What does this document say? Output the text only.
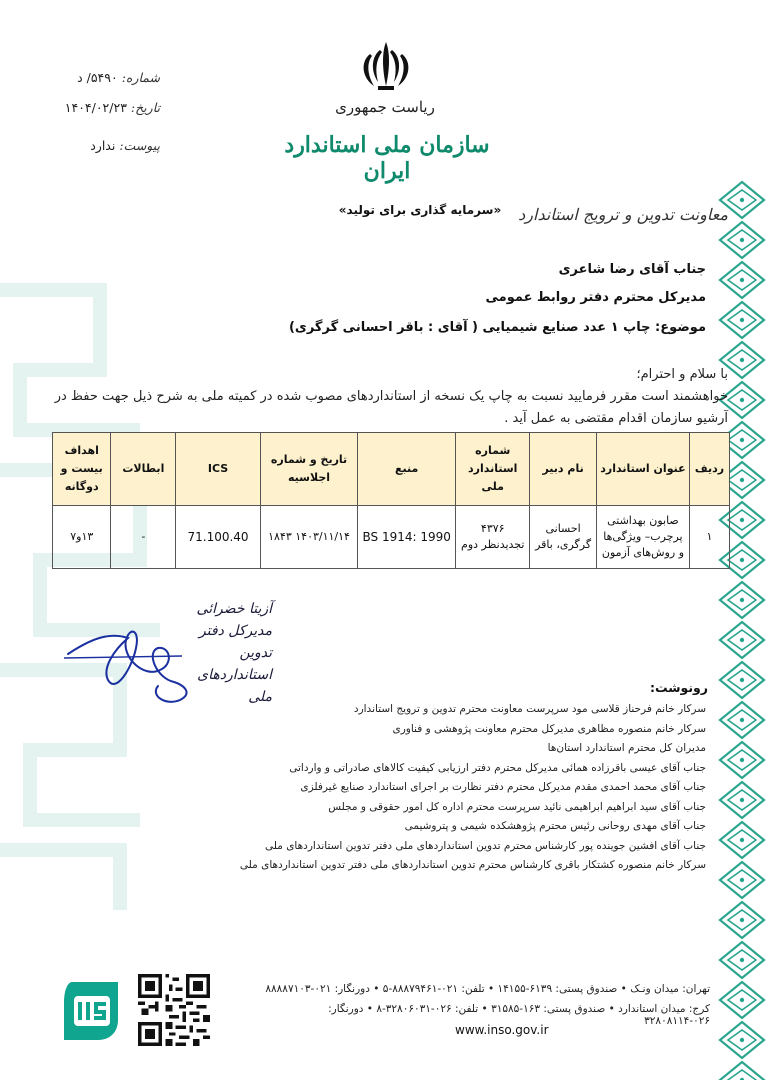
ریاست جمهوری
سازمان ملی استاندارد ایران
شماره: ۵۴۹۰/ د
تاریخ: ۱۴۰۴/۰۲/۲۳
پیوست: ندارد
معاونت تدوین و ترویج استاندارد
«سرمایه گذاری برای تولید»
جناب آقای رضا شاعری
مدیرکل محترم دفتر روابط عمومی
موضوع: چاپ ۱ عدد صنایع شیمیایی ( آقای : باقر احسانی گرگری)
با سلام و احترام؛
خواهشمند است مقرر فرمایید نسبت به چاپ یک نسخه از استانداردهای مصوب شده در کمیته ملی به شرح ذیل جهت حفظ در آرشیو سازمان اقدام مقتضی به عمل آید .
ردیف	عنوان استاندارد	نام دبیر	شماره استاندارد ملی	منبع	تاریخ و شماره اجلاسیه	ICS	ابطالات	اهداف بیست و دوگانه
۱	صابون بهداشتی پرچرب– ویژگی‌ها و روش‌های آزمون	احسانی گرگری، باقر	۴۳۷۶ تجدیدنظر دوم	BS 1914: 1990	۱۴۰۳/۱۱/۱۴ ۱۸۴۳	71.100.40	-	۱۳و۷
آزیتا خضرائی
مدیرکل دفتر تدوین استانداردهای ملی
رونوشت:
سرکار خانم فرحناز قلاسی مود سرپرست معاونت محترم تدوین و ترویج استاندارد
سرکار خانم منصوره مظاهری مدیرکل محترم معاونت پژوهشی و فناوری
مدیران کل محترم استاندارد استان‌ها
جناب آقای عیسی باقرزاده همائی مدیرکل محترم دفتر ارزیابی کیفیت کالاهای صادراتی و وارداتی
جناب آقای محمد احمدی مقدم مدیرکل محترم دفتر نظارت بر اجرای استاندارد صنایع غیرفلزی
جناب آقای سید ابراهیم ابراهیمی نائید سرپرست محترم اداره کل امور حقوقی و مجلس
جناب آقای مهدی روحانی رئیس محترم پژوهشکده شیمی و پتروشیمی
جناب آقای افشین جوینده پور کارشناس محترم تدوین استانداردهای ملی دفتر تدوین استانداردهای ملی
سرکار خانم منصوره کشتکار باقری کارشناس محترم تدوین استانداردهای ملی دفتر تدوین استانداردهای ملی
تهران: میدان ونـک • صندوق پستی: ۶۱۳۹-۱۴۱۵۵ • تلفن: ۰۲۱-۸۸۸۷۹۴۶۱-۵ • دورنگار: ۰۲۱-۸۸۸۸۷۱۰۳
کرج: میدان استاندارد • صندوق پستی: ۱۶۳-۳۱۵۸۵ • تلفن: ۰۲۶-۳۲۸۰۶۰۳۱-۸ • دورنگار: ۰۲۶-۳۲۸۰۸۱۱۴
www.inso.gov.ir
